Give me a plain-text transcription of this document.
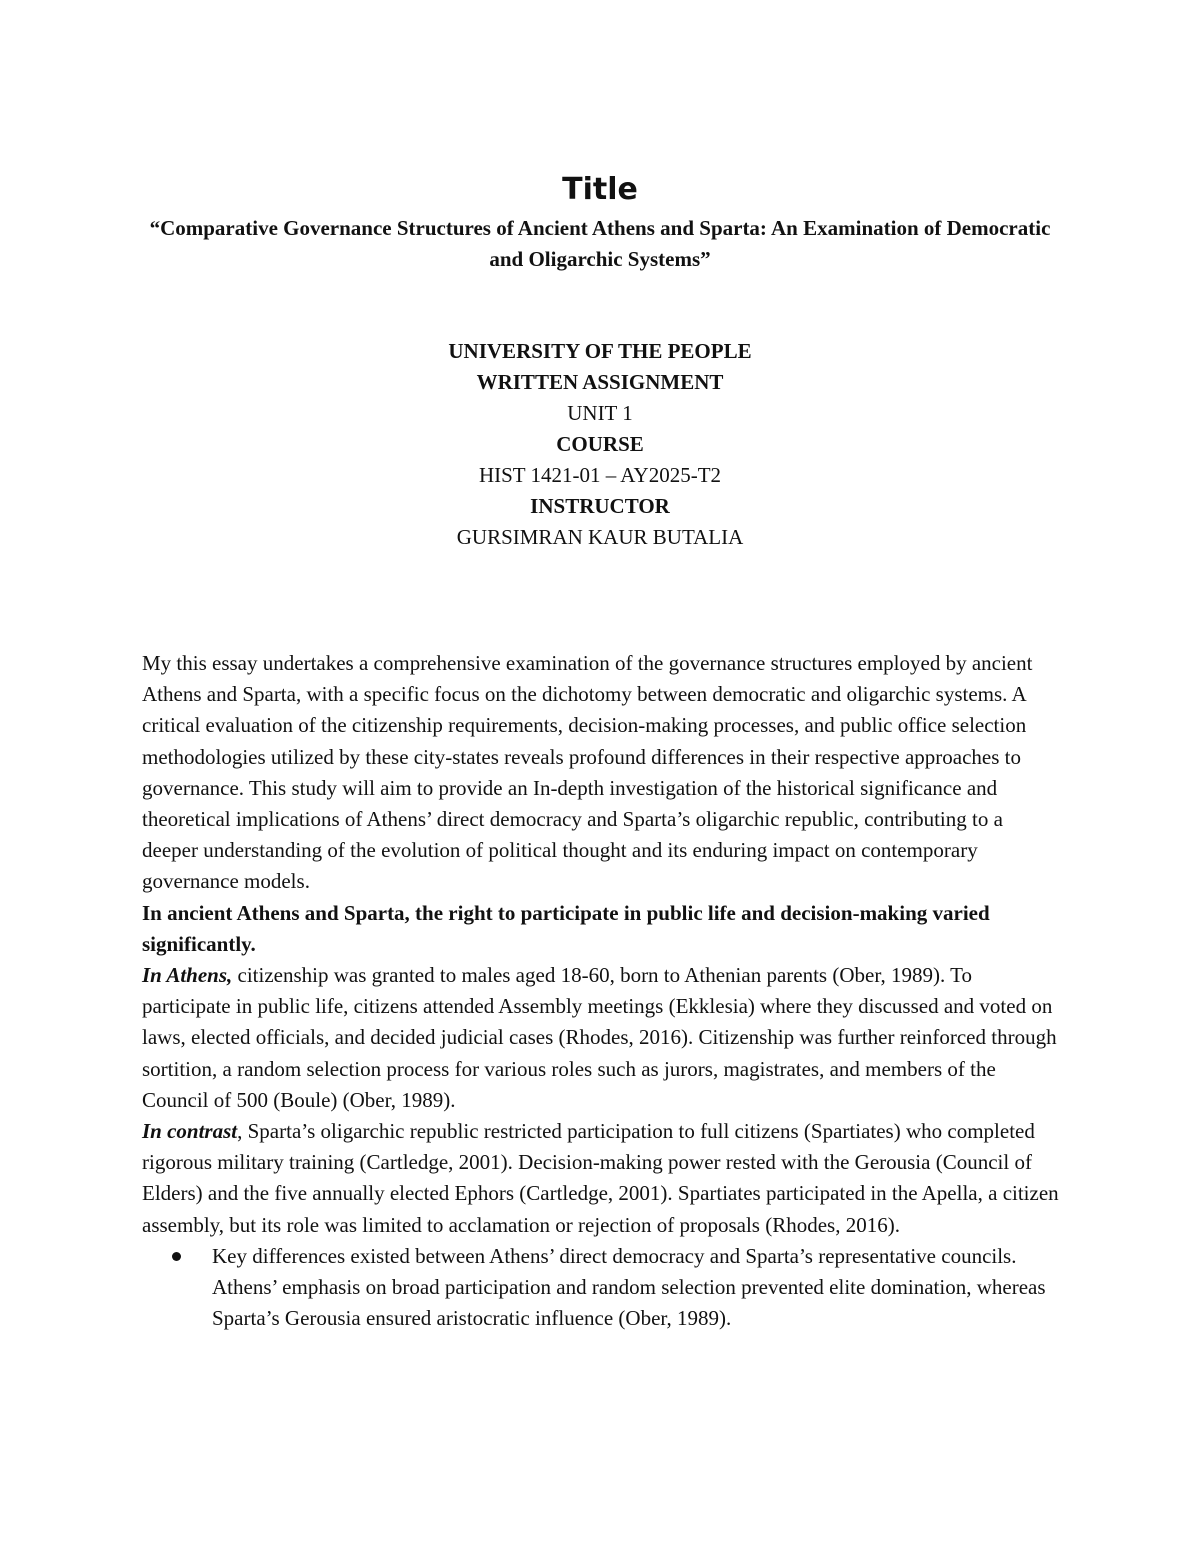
Title
“Comparative Governance Structures of Ancient Athens and Sparta: An Examination of Democratic and Oligarchic Systems”
UNIVERSITY OF THE PEOPLE
WRITTEN ASSIGNMENT
UNIT 1
COURSE
HIST 1421-01 – AY2025-T2
INSTRUCTOR
GURSIMRAN KAUR BUTALIA

My this essay undertakes a comprehensive examination of the governance structures employed by ancient Athens and Sparta, with a specific focus on the dichotomy between democratic and oligarchic systems. A critical evaluation of the citizenship requirements, decision-making processes, and public office selection methodologies utilized by these city-states reveals profound differences in their respective approaches to governance. This study will aim to provide an In-depth investigation of the historical significance and theoretical implications of Athens’ direct democracy and Sparta’s oligarchic republic, contributing to a deeper understanding of the evolution of political thought and its enduring impact on contemporary governance models.

In ancient Athens and Sparta, the right to participate in public life and decision-making varied significantly.

In Athens, citizenship was granted to males aged 18-60, born to Athenian parents (Ober, 1989). To participate in public life, citizens attended Assembly meetings (Ekklesia) where they discussed and voted on laws, elected officials, and decided judicial cases (Rhodes, 2016). Citizenship was further reinforced through sortition, a random selection process for various roles such as jurors, magistrates, and members of the Council of 500 (Boule) (Ober, 1989).

In contrast, Sparta’s oligarchic republic restricted participation to full citizens (Spartiates) who completed rigorous military training (Cartledge, 2001). Decision-making power rested with the Gerousia (Council of Elders) and the five annually elected Ephors (Cartledge, 2001). Spartiates participated in the Apella, a citizen assembly, but its role was limited to acclamation or rejection of proposals (Rhodes, 2016).

Key differences existed between Athens’ direct democracy and Sparta’s representative councils. Athens’ emphasis on broad participation and random selection prevented elite domination, whereas Sparta’s Gerousia ensured aristocratic influence (Ober, 1989).
